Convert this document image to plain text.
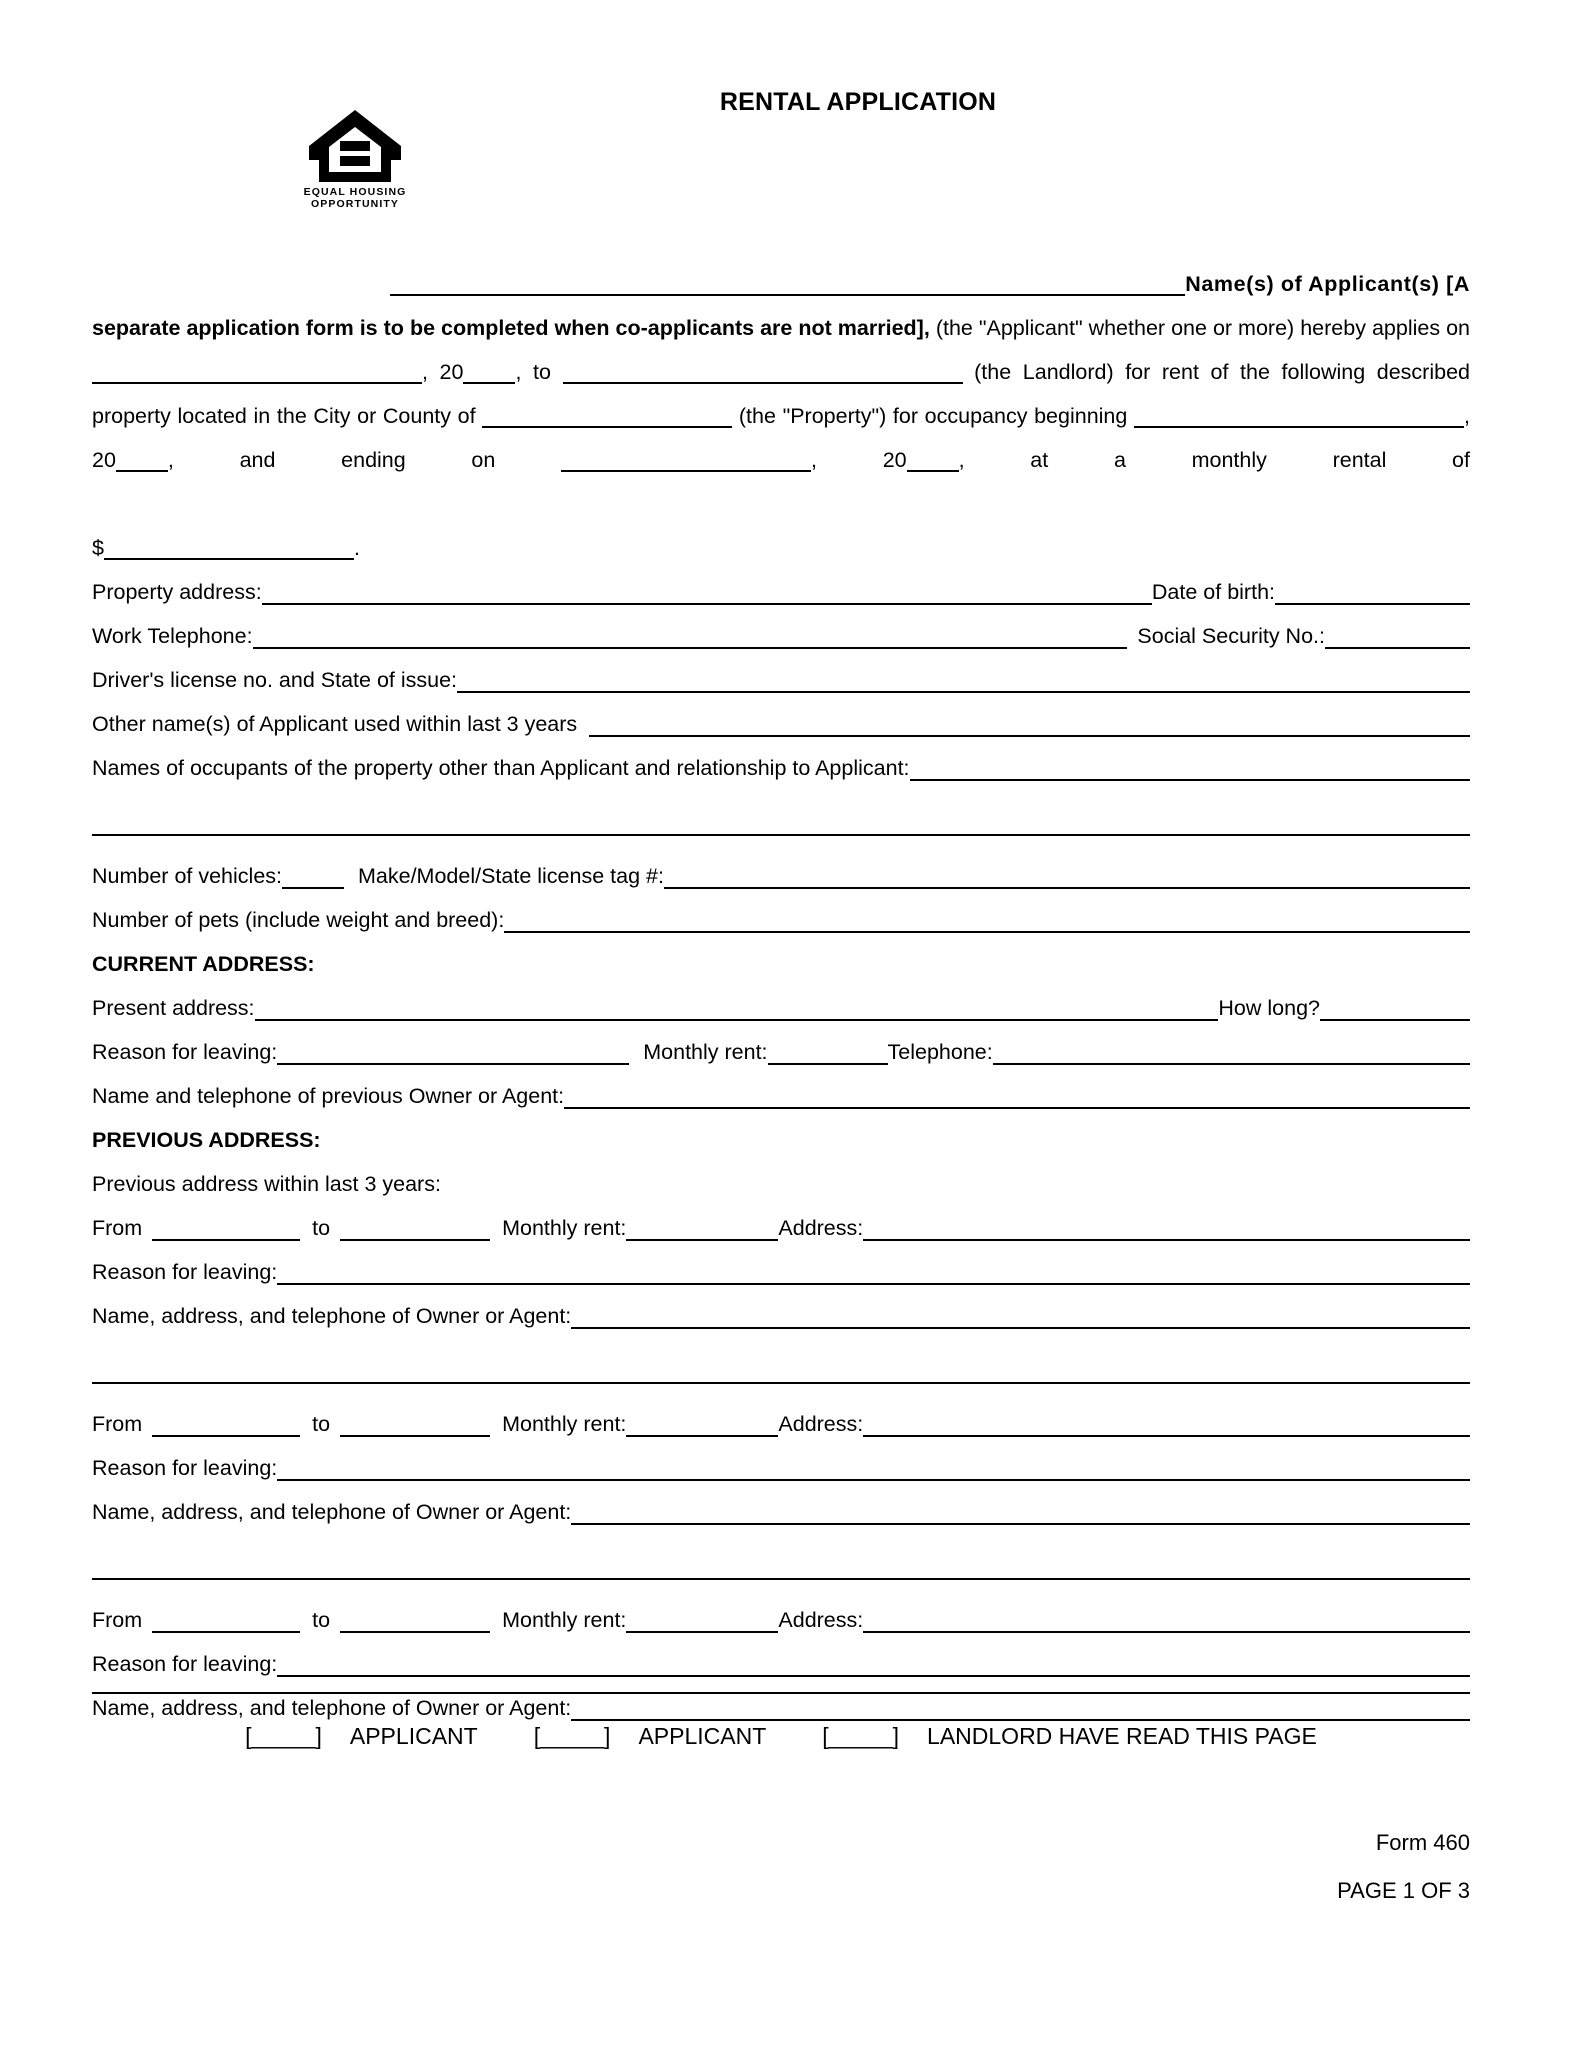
EQUAL HOUSING
OPPORTUNITY
RENTAL APPLICATION
Name(s) of Applicant(s) [A
separate application form is to be completed when co-applicants are not married], (the "Applicant" whether one or more) hereby applies on , 20 , to	(the Landlord) for rent of the following described property located in the City or County of	(the "Property") for occupancy beginning	, 20 , and ending on	, 20 , at a monthly rental of
$	.
Property address:	Date of birth:
Work Telephone:	Social Security No.:
Driver's license no. and State of issue:
Other name(s) of Applicant used within last 3 years
Names of occupants of the property other than Applicant and relationship to Applicant:
Number of vehicles:	Make/Model/State license tag #:
Number of pets (include weight and breed):
CURRENT ADDRESS:
Present address:	How long?
Reason for leaving:	Monthly rent:	Telephone:
Name and telephone of previous Owner or Agent:
PREVIOUS ADDRESS:
Previous address within last 3 years:
From	to	Monthly rent:	Address:
Reason for leaving:
Name, address, and telephone of Owner or Agent:
From	to	Monthly rent:	Address:
Reason for leaving:
Name, address, and telephone of Owner or Agent:
From	to	Monthly rent:	Address:
Reason for leaving:
Name, address, and telephone of Owner or Agent:
[_____] APPLICANT [_____] APPLICANT [_____] LANDLORD HAVE READ THIS PAGE
Form 460
PAGE 1 OF 3
